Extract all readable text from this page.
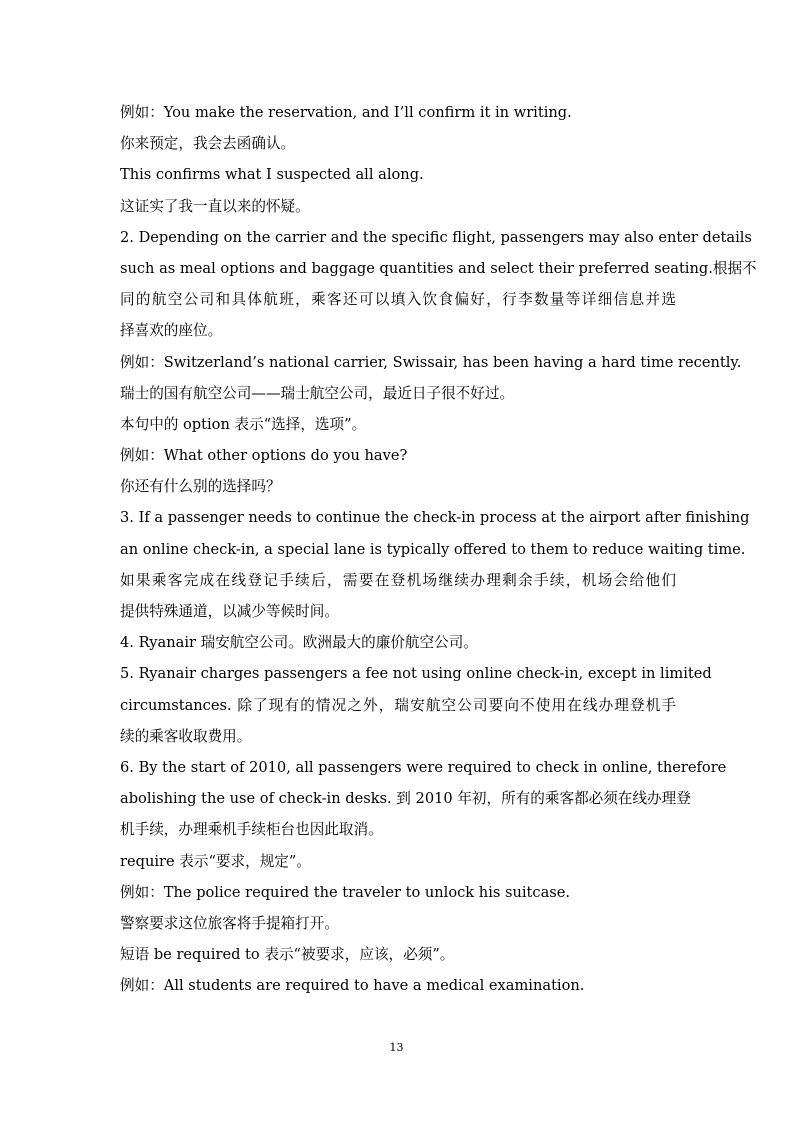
例如：You make the reservation, and I’ll confirm it in writing.
你来预定，我会去函确认。
This confirms what I suspected all along.
这证实了我一直以来的怀疑。
2. Depending on the carrier and the specific flight, passengers may also enter details
such as meal options and baggage quantities and select their preferred seating.根据不
同的航空公司和具体航班，乘客还可以填入饮食偏好，行李数量等详细信息并选
择喜欢的座位。
例如：Switzerland’s national carrier, Swissair, has been having a hard time recently.
瑞士的国有航空公司——瑞士航空公司，最近日子很不好过。
本句中的 option 表示“选择，选项”。
例如：What other options do you have?
你还有什么别的选择吗？
3. If a passenger needs to continue the check-in process at the airport after finishing
an online check-in, a special lane is typically offered to them to reduce waiting time.
如果乘客完成在线登记手续后，需要在登机场继续办理剩余手续，机场会给他们
提供特殊通道，以减少等候时间。
4. Ryanair 瑞安航空公司。欧洲最大的廉价航空公司。
5. Ryanair charges passengers a fee not using online check-in, except in limited
circumstances. 除了现有的情况之外，瑞安航空公司要向不使用在线办理登机手
续的乘客收取费用。
6. By the start of 2010, all passengers were required to check in online, therefore
abolishing the use of check-in desks. 到 2010 年初，所有的乘客都必须在线办理登
机手续，办理乘机手续柜台也因此取消。
require 表示“要求，规定”。
例如：The police required the traveler to unlock his suitcase.
警察要求这位旅客将手提箱打开。
短语 be required to 表示“被要求，应该，必须”。
例如：All students are required to have a medical examination.
13
